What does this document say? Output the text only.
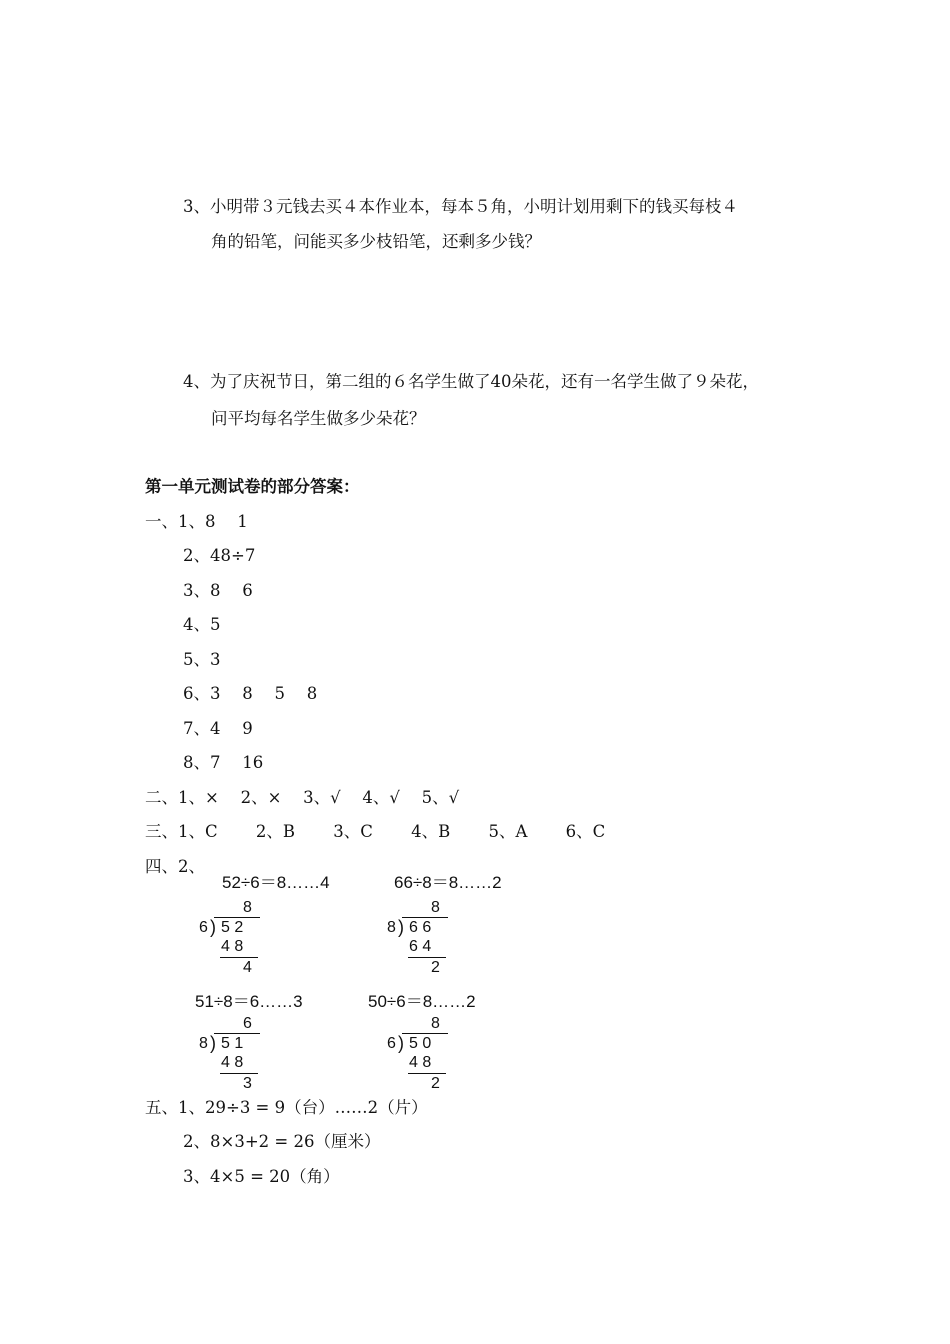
3、小明带３元钱去买４本作业本，每本５角，小明计划用剩下的钱买每枝４
角的铅笔，问能买多少枝铅笔，还剩多少钱？
4、为了庆祝节日，第二组的６名学生做了40朵花，还有一名学生做了９朵花，
问平均每名学生做多少朵花？
第一单元测试卷的部分答案：
一、1、8　 1
2、48÷7
3、8　 6
4、5
5、3
6、3　 8　 5　 8
7、4　 9
8、7　 16
二、1、×　 2、×　 3、√　 4、√　 5、√
三、1、C　　 2、B　　 3、C　　 4、B　　 5、A　　 6、C
四、2、
52÷6＝8……4	66÷8＝8……2
8
6 ) 5 2
4 8
4
8
8 ) 6 6
6 4
2
51÷8＝6……3	50÷6＝8……2
6
8 ) 5 1
4 8
3
8
6 ) 5 0
4 8
2
五、1、29÷3 = 9（台）……2（片）
2、8×3+2 = 26（厘米）
3、4×5 = 20（角）
